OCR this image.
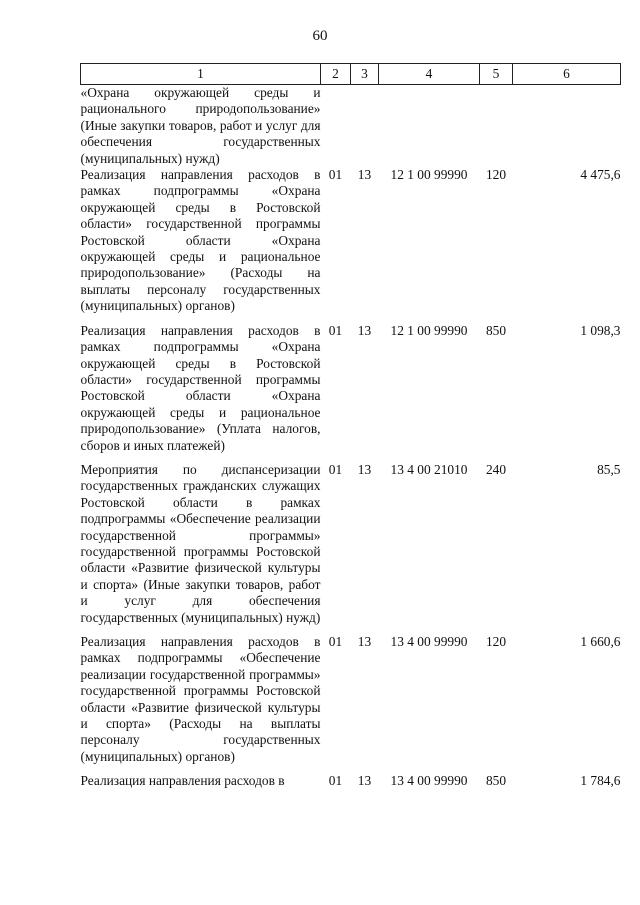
60
1	2	3	4	5	6
«Охрана окружающей среды и рационального природопользование» (Иные закупки товаров, работ и услуг для обеспечения государственных (муниципальных) нужд)					
Реализация направления расходов в рамках подпрограммы «Охрана окружающей среды в Ростовской области» государственной программы Ростовской области «Охрана окружающей среды и рациональное природопользование» (Расходы на выплаты персоналу государственных (муниципальных) органов)	01	13	12 1 00 99990	120	4 475,6
Реализация направления расходов в рамках подпрограммы «Охрана окружающей среды в Ростовской области» государственной программы Ростовской области «Охрана окружающей среды и рациональное природопользование» (Уплата налогов, сборов и иных платежей)	01	13	12 1 00 99990	850	1 098,3
Мероприятия по диспансеризации государственных гражданских служащих Ростовской области в рамках подпрограммы «Обеспечение реализации государственной программы» государственной программы Ростовской области «Развитие физической культуры и спорта» (Иные закупки товаров, работ и услуг для обеспечения государственных (муниципальных) нужд)	01	13	13 4 00 21010	240	85,5
Реализация направления расходов в рамках подпрограммы «Обеспечение реализации государственной программы» государственной программы Ростовской области «Развитие физической культуры и спорта» (Расходы на выплаты персоналу государственных (муниципальных) органов)	01	13	13 4 00 99990	120	1 660,6
Реализация направления расходов в	01	13	13 4 00 99990	850	1 784,6
